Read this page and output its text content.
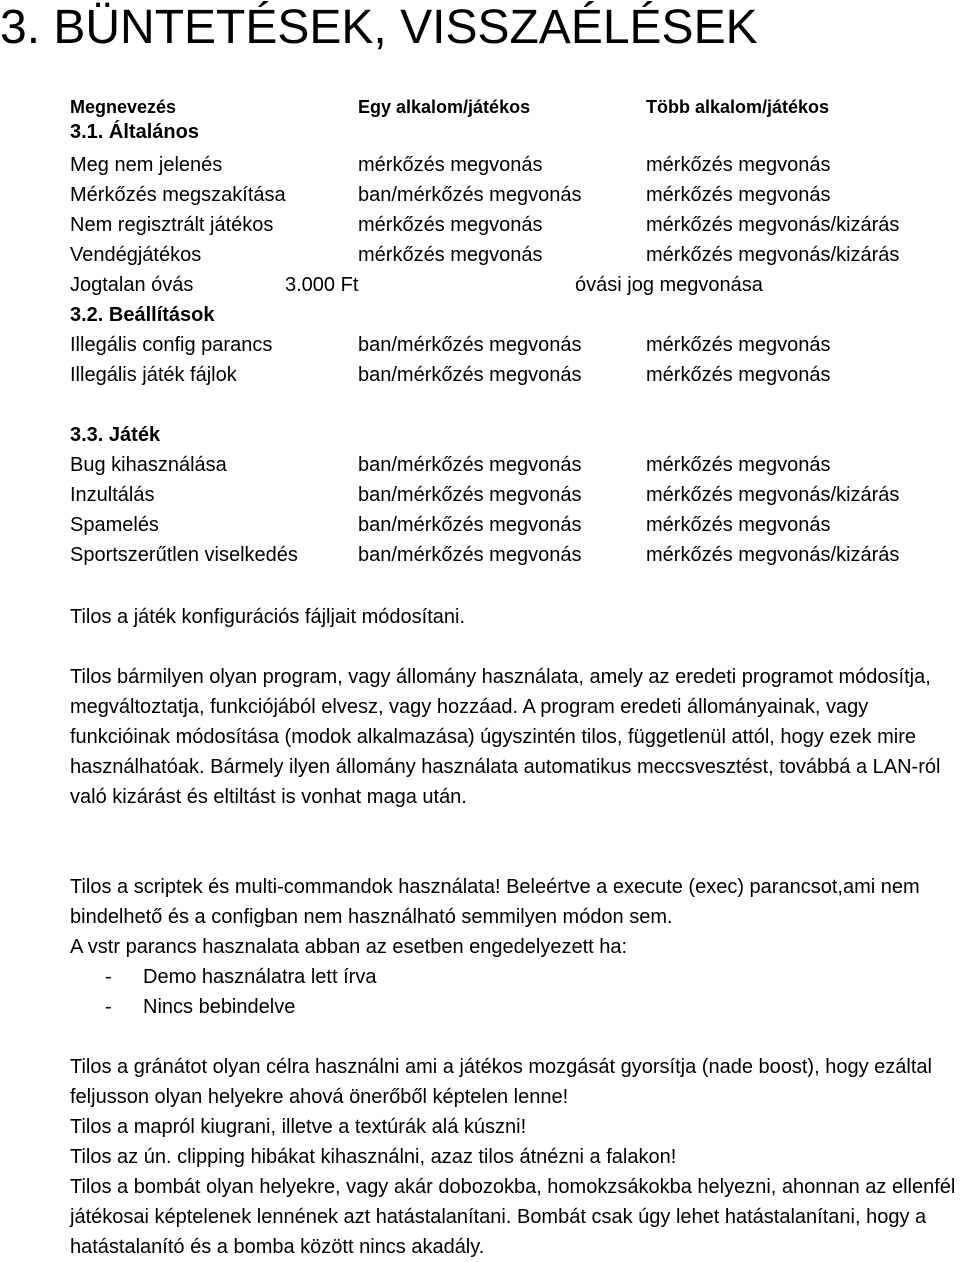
3. BÜNTETÉSEK, VISSZAÉLÉSEK
Megnevezés	Egy alkalom/játékos	Több alkalom/játékos
3.1. Általános
Meg nem jelenés	mérkőzés megvonás	mérkőzés megvonás
Mérkőzés megszakítása	ban/mérkőzés megvonás	mérkőzés megvonás
Nem regisztrált játékos	mérkőzés megvonás	mérkőzés megvonás/kizárás
Vendégjátékos	mérkőzés megvonás	mérkőzés megvonás/kizárás
Jogtalan óvás	3.000 Ft	óvási jog megvonása
3.2. Beállítások
Illegális config parancs	ban/mérkőzés megvonás	mérkőzés megvonás
Illegális játék fájlok	ban/mérkőzés megvonás	mérkőzés megvonás
3.3. Játék
Bug kihasználása	ban/mérkőzés megvonás	mérkőzés megvonás
Inzultálás	ban/mérkőzés megvonás	mérkőzés megvonás/kizárás
Spamelés	ban/mérkőzés megvonás	mérkőzés megvonás
Sportszerűtlen viselkedés	ban/mérkőzés megvonás	mérkőzés megvonás/kizárás

Tilos a játék konfigurációs fájljait módosítani.

Tilos bármilyen olyan program, vagy állomány használata, amely az eredeti programot módosítja, megváltoztatja, funkciójából elvesz, vagy hozzáad. A program eredeti állományainak, vagy funkcióinak módosítása (modok alkalmazása) úgyszintén tilos, függetlenül attól, hogy ezek mire használhatóak. Bármely ilyen állomány használata automatikus meccsvesztést, továbbá a LAN-ról való kizárást és eltiltást is vonhat maga után.

Tilos a scriptek és multi-commandok használata! Beleértve a execute (exec) parancsot,ami nem bindelhető és a configban nem használható semmilyen módon sem.

A vstr parancs hasznalata abban az esetben engedelyezett ha:

- Demo használatra lett írva
- Nincs bebindelve

Tilos a gránátot olyan célra használni ami a játékos mozgását gyorsítja (nade boost), hogy ezáltal feljusson olyan helyekre ahová önerőből képtelen lenne!

Tilos a mapról kiugrani, illetve a textúrák alá kúszni!

Tilos az ún. clipping hibákat kihasználni, azaz tilos átnézni a falakon!

Tilos a bombát olyan helyekre, vagy akár dobozokba, homokzsákokba helyezni, ahonnan az ellenfél játékosai képtelenek lennének azt hatástalanítani. Bombát csak úgy lehet hatástalanítani, hogy a hatástalanító és a bomba között nincs akadály.
